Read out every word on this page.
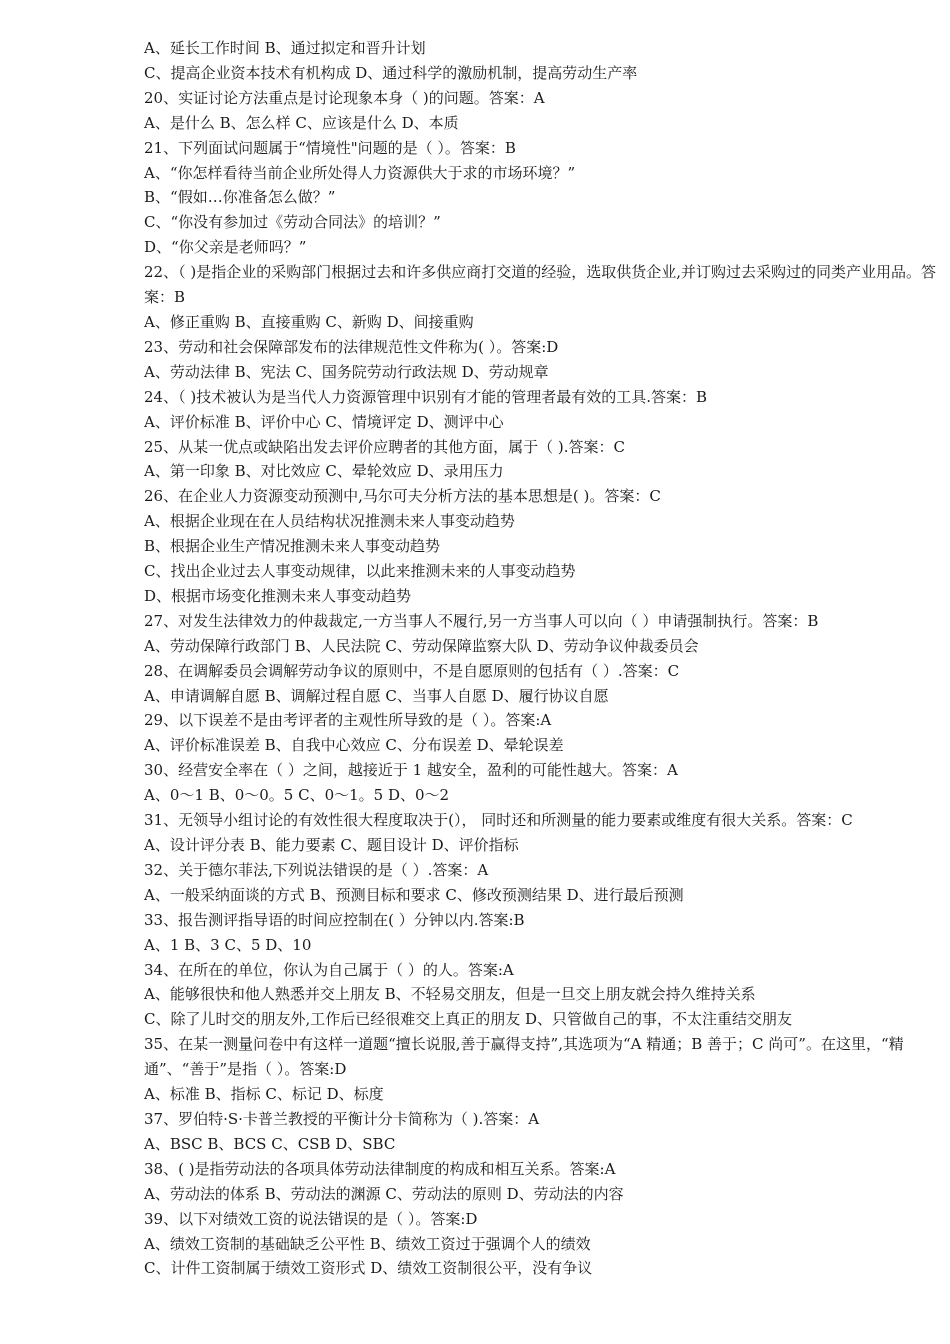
A、延长工作时间 B、通过拟定和晋升计划

C、提高企业资本技术有机构成 D、通过科学的激励机制，提高劳动生产率

20、实证讨论方法重点是讨论现象本身（ )的问题。答案：A

A、是什么 B、怎么样 C、应该是什么 D、本质

21、下列面试问题属于“情境性"问题的是（ ）。答案：B

A、“你怎样看待当前企业所处得人力资源供大于求的市场环境？”

B、“假如…你准备怎么做？”

C、“你没有参加过《劳动合同法》的培训？”

D、“你父亲是老师吗？”

22、（ )是指企业的采购部门根据过去和许多供应商打交道的经验，选取供货企业,并订购过去采购过的同类产业用品。答案：B

A、修正重购 B、直接重购 C、新购 D、间接重购

23、劳动和社会保障部发布的法律规范性文件称为( ）。答案:D

A、劳动法律 B、宪法 C、国务院劳动行政法规 D、劳动规章

24、（ )技术被认为是当代人力资源管理中识别有才能的管理者最有效的工具.答案：B

A、评价标准 B、评价中心 C、情境评定 D、测评中心

25、从某一优点或缺陷出发去评价应聘者的其他方面，属于（ ).答案：C

A、第一印象 B、对比效应 C、晕轮效应 D、录用压力

26、在企业人力资源变动预测中,马尔可夫分析方法的基本思想是( )。答案：C

A、根据企业现在在人员结构状况推测未来人事变动趋势

B、根据企业生产情况推测未来人事变动趋势

C、找出企业过去人事变动规律，以此来推测未来的人事变动趋势

D、根据市场变化推测未来人事变动趋势

27、对发生法律效力的仲裁裁定,一方当事人不履行,另一方当事人可以向（ ）申请强制执行。答案：B

A、劳动保障行政部门 B、人民法院 C、劳动保障监察大队 D、劳动争议仲裁委员会

28、在调解委员会调解劳动争议的原则中，不是自愿原则的包括有（ ）.答案：C

A、申请调解自愿 B、调解过程自愿 C、当事人自愿 D、履行协议自愿

29、以下误差不是由考评者的主观性所导致的是（ ）。答案:A

A、评价标准误差 B、自我中心效应 C、分布误差 D、晕轮误差

30、经营安全率在（ ）之间，越接近于 1 越安全，盈利的可能性越大。答案：A

A、0～1 B、0～0。5 C、0～1。5 D、0～2

31、无领导小组讨论的有效性很大程度取决于(）， 同时还和所测量的能力要素或维度有很大关系。答案：C

A、设计评分表 B、能力要素 C、题目设计 D、评价指标

32、关于德尔菲法,下列说法错误的是（ ）.答案：A

A、一般采纳面谈的方式 B、预测目标和要求 C、修改预测结果 D、进行最后预测

33、报告测评指导语的时间应控制在( ）分钟以内.答案:B

A、1 B、3 C、5 D、10

34、在所在的单位，你认为自己属于（ ）的人。答案:A

A、能够很快和他人熟悉并交上朋友 B、不轻易交朋友，但是一旦交上朋友就会持久维持关系

C、除了儿时交的朋友外,工作后已经很难交上真正的朋友 D、只管做自己的事，不太注重结交朋友

35、在某一测量问卷中有这样一道题“擅长说服,善于赢得支持”,其选项为“A 精通；B 善于；C 尚可”。在这里，“精通”、“善于”是指（ ）。答案:D

A、标准 B、指标 C、标记 D、标度

37、罗伯特·S·卡普兰教授的平衡计分卡简称为（ ).答案：A

A、BSC B、BCS C、CSB D、SBC

38、( )是指劳动法的各项具体劳动法律制度的构成和相互关系。答案:A

A、劳动法的体系 B、劳动法的渊源 C、劳动法的原则 D、劳动法的内容

39、以下对绩效工资的说法错误的是（ ）。答案:D

A、绩效工资制的基础缺乏公平性 B、绩效工资过于强调个人的绩效

C、计件工资制属于绩效工资形式 D、绩效工资制很公平，没有争议
